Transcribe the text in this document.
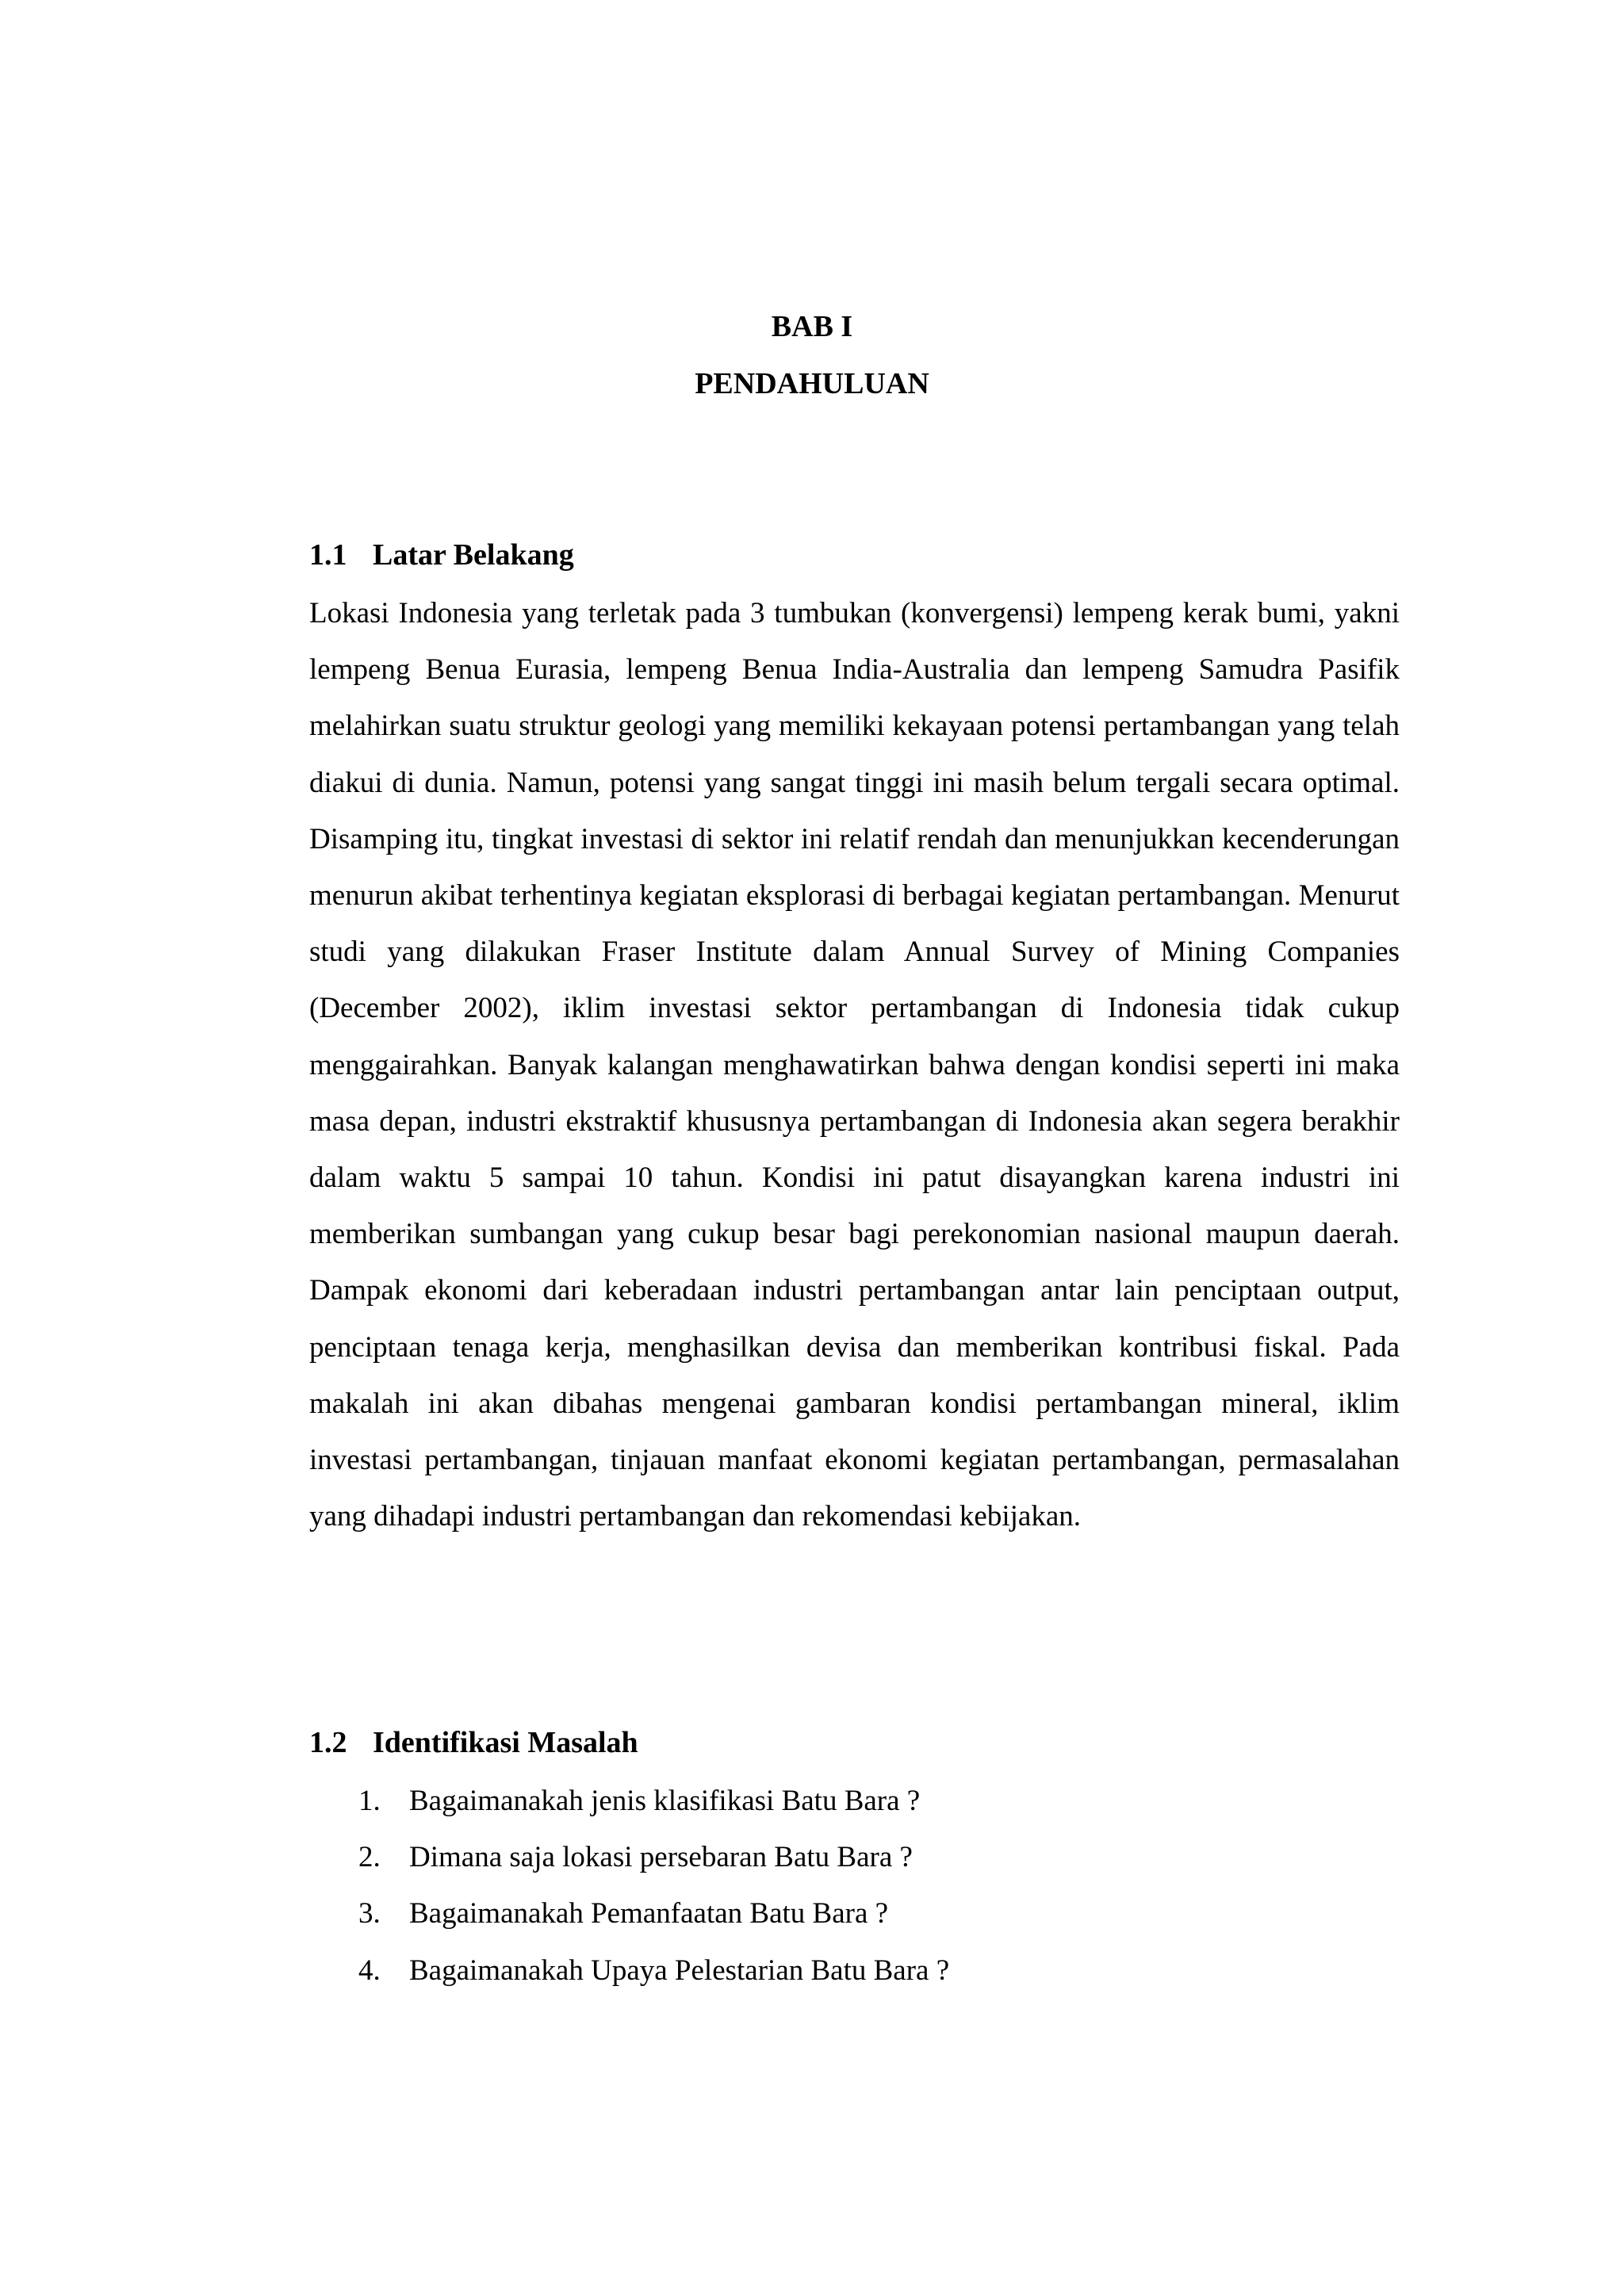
BAB I
PENDAHULUAN
1.1 Latar Belakang

Lokasi Indonesia yang terletak pada 3 tumbukan (konvergensi) lempeng kerak bumi, yakni lempeng Benua Eurasia, lempeng Benua India-Australia dan lempeng Samudra Pasifik melahirkan suatu struktur geologi yang memiliki kekayaan potensi pertambangan yang telah diakui di dunia. Namun, potensi yang sangat tinggi ini masih belum tergali secara optimal. Disamping itu, tingkat investasi di sektor ini relatif rendah dan menunjukkan kecenderungan menurun akibat terhentinya kegiatan eksplorasi di berbagai kegiatan pertambangan. Menurut studi yang dilakukan Fraser Institute dalam Annual Survey of Mining Companies (December 2002), iklim investasi sektor pertambangan di Indonesia tidak cukup menggairahkan. Banyak kalangan menghawatirkan bahwa dengan kondisi seperti ini maka masa depan, industri ekstraktif khususnya pertambangan di Indonesia akan segera berakhir dalam waktu 5 sampai 10 tahun. Kondisi ini patut disayangkan karena industri ini memberikan sumbangan yang cukup besar bagi perekonomian nasional maupun daerah. Dampak ekonomi dari keberadaan industri pertambangan antar lain penciptaan output, penciptaan tenaga kerja, menghasilkan devisa dan memberikan kontribusi fiskal. Pada makalah ini akan dibahas mengenai gambaran kondisi pertambangan mineral, iklim investasi pertambangan, tinjauan manfaat ekonomi kegiatan pertambangan, permasalahan yang dihadapi industri pertambangan dan rekomendasi kebijakan.

1.2 Identifikasi Masalah
1. Bagaimanakah jenis klasifikasi Batu Bara ?
2. Dimana saja lokasi persebaran Batu Bara ?
3. Bagaimanakah Pemanfaatan Batu Bara ?
4. Bagaimanakah Upaya Pelestarian Batu Bara ?
